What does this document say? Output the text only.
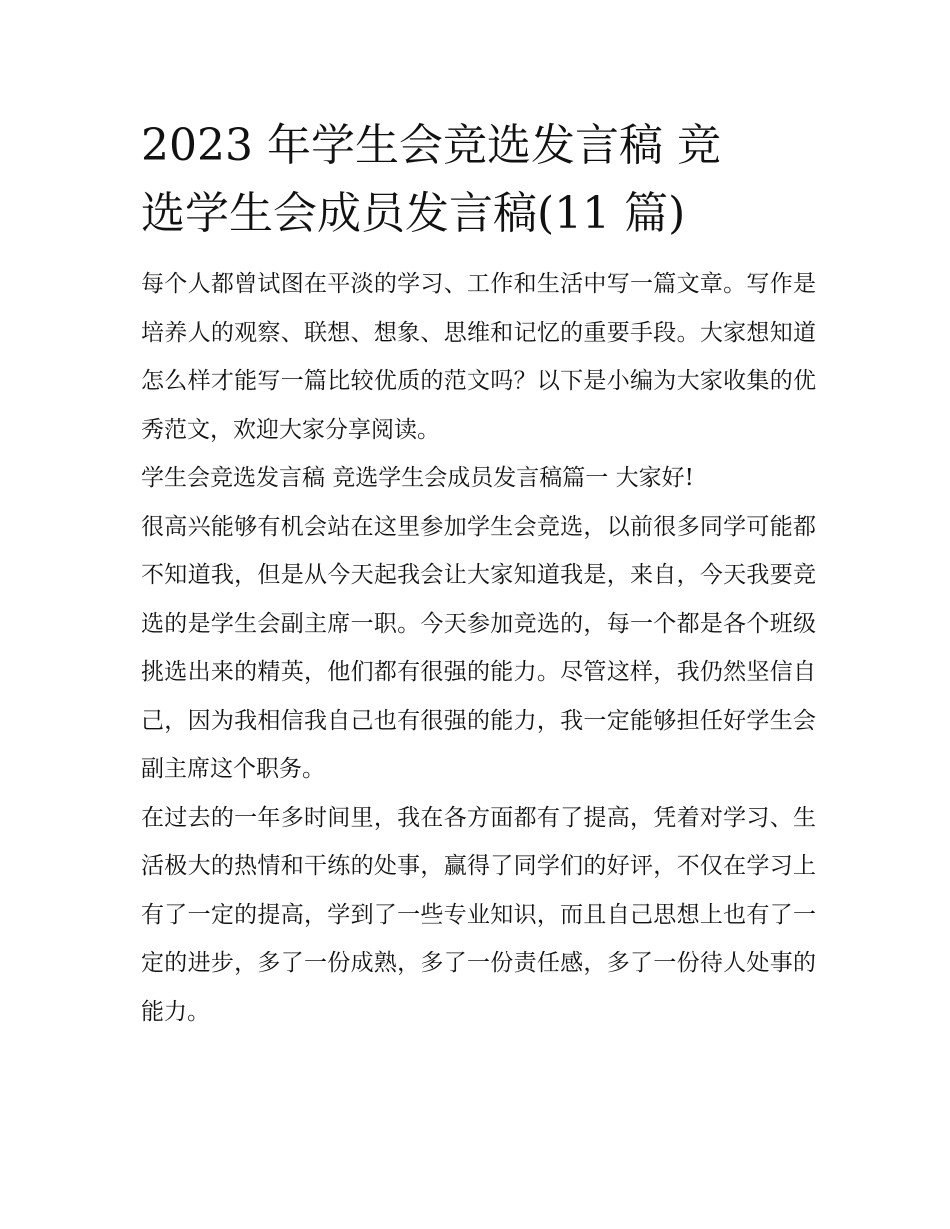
2023 年学生会竞选发言稿 竞
选学生会成员发言稿(11 篇)

每个人都曾试图在平淡的学习、工作和生活中写一篇文章。写作是培养人的观察、联想、想象、思维和记忆的重要手段。大家想知道怎么样才能写一篇比较优质的范文吗？以下是小编为大家收集的优秀范文，欢迎大家分享阅读。

学生会竞选发言稿 竞选学生会成员发言稿篇一 大家好!

很高兴能够有机会站在这里参加学生会竞选，以前很多同学可能都不知道我，但是从今天起我会让大家知道我是，来自，今天我要竞选的是学生会副主席一职。今天参加竞选的，每一个都是各个班级挑选出来的精英，他们都有很强的能力。尽管这样，我仍然坚信自己，因为我相信我自己也有很强的能力，我一定能够担任好学生会副主席这个职务。

在过去的一年多时间里，我在各方面都有了提高，凭着对学习、生活极大的热情和干练的处事，赢得了同学们的好评，不仅在学习上有了一定的提高，学到了一些专业知识，而且自己思想上也有了一定的进步，多了一份成熟，多了一份责任感，多了一份待人处事的能力。
